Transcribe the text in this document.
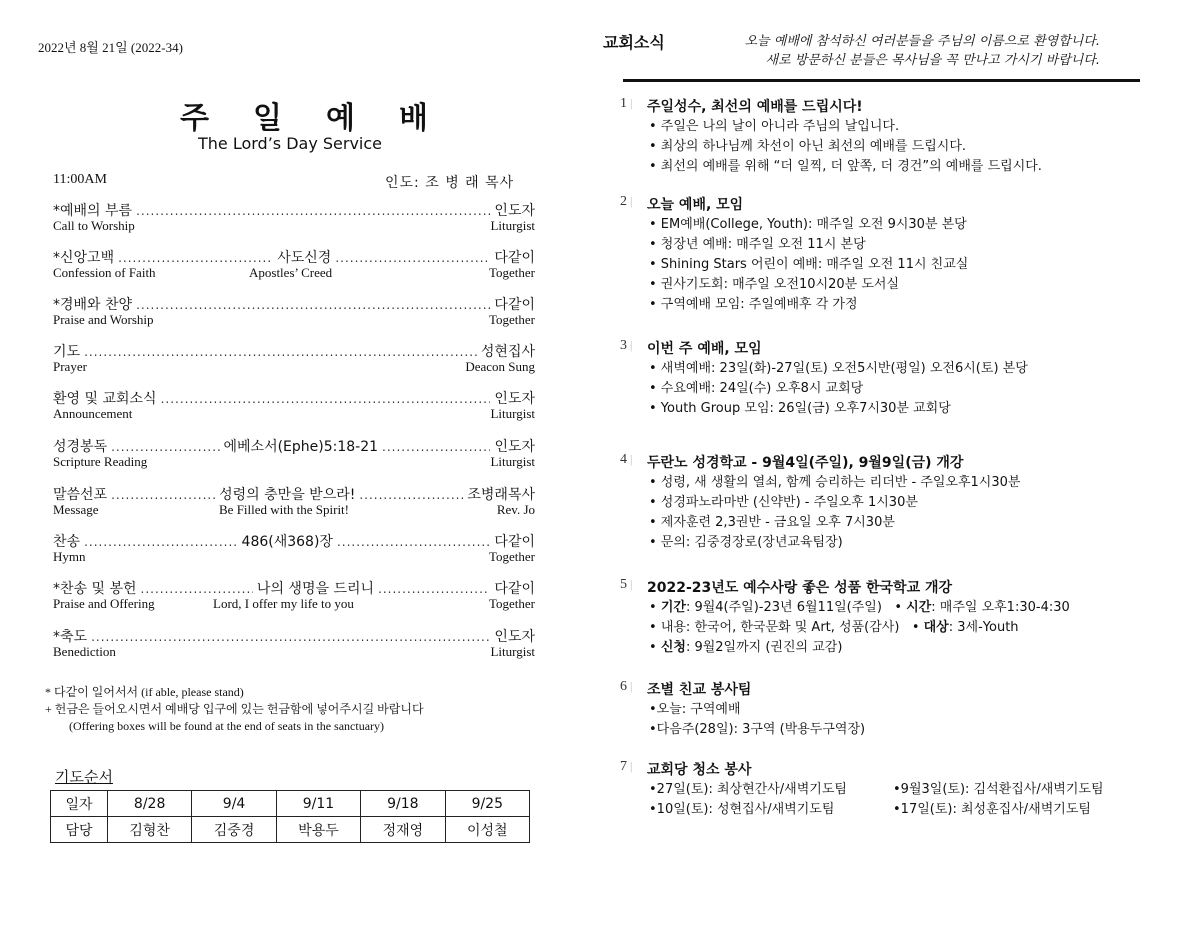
2022년 8월 21일 (2022-34)
주 일 예 배
The Lord’s Day Service
11:00AM	인도: 조 병 래 목사
*예배의 부름 .....	인도자
Call to Worship	Liturgist
*신앙고백 .....	사도신경 .....	다같이
Confession of Faith	Apostles’ Creed	Together
*경배와 찬양 .....	다같이
Praise and Worship	Together
기도 .....	성현집사
Prayer	Deacon Sung
환영 및 교회소식 .....	인도자
Announcement	Liturgist
성경봉독 .....	에베소서(Ephe)5:18-21 .....	인도자
Scripture Reading	Liturgist
말씀선포 .....	성령의 충만을 받으라! .....	조병래목사
Message	Be Filled with the Spirit!	Rev. Jo
찬송 .....	486(새368)장 .....	다같이
Hymn	Together
*찬송 및 봉헌 .....	나의 생명을 드리니 .....	다같이
Praise and Offering	Lord, I offer my life to you	Together
*축도 .....	인도자
Benediction	Liturgist
* 다같이 일어서서 (if able, please stand)
+ 헌금은 들어오시면서 예배당 입구에 있는 헌금함에 넣어주시길 바랍니다
(Offering boxes will be found at the end of seats in the sanctuary)
기도순서
일자	8/28	9/4	9/11	9/18	9/25
담당	김형찬	김중경	박용두	정재영	이성철
교회소식	오늘 예배에 참석하신 여러분들을 주님의 이름으로 환영합니다.
새로 방문하신 분들은 목사님을 꼭 만나고 가시기 바랍니다.
1 |	주일성수, 최선의 예배를 드립시다!
• 주일은 나의 날이 아니라 주님의 날입니다.
• 최상의 하나님께 차선이 아닌 최선의 예배를 드립시다.
• 최선의 예배를 위해 “더 일찍, 더 앞쪽, 더 경건”의 예배를 드립시다.
2 |	오늘 예배, 모임
• EM예배(College, Youth): 매주일 오전 9시30분 본당
• 청장년 예배: 매주일 오전 11시 본당
• Shining Stars 어린이 예배: 매주일 오전 11시 친교실
• 권사기도회: 매주일 오전10시20분 도서실
• 구역예배 모임: 주일예배후 각 가정
3 |	이번 주 예배, 모임
• 새벽예배: 23일(화)-27일(토) 오전5시반(평일) 오전6시(토) 본당
• 수요예배: 24일(수) 오후8시 교회당
• Youth Group 모임: 26일(금) 오후7시30분 교회당
4 |	두란노 성경학교 - 9월4일(주일), 9월9일(금) 개강
• 성령, 새 생활의 열쇠, 함께 승리하는 리더반 - 주일오후1시30분
• 성경파노라마반 (신약반) - 주일오후 1시30분
• 제자훈련 2,3권반 - 금요일 오후 7시30분
• 문의: 김중경장로(장년교육팀장)
5 |	2022-23년도 예수사랑 좋은 성품 한국학교 개강
• 기간: 9월4(주일)-23년 6월11일(주일)   • 시간: 매주일 오후1:30-4:30
• 내용: 한국어, 한국문화 및 Art, 성품(감사)   • 대상: 3세-Youth
• 신청: 9월2일까지 (권진의 교감)
6 |	조별 친교 봉사팀
•오늘: 구역예배
•다음주(28일): 3구역 (박용두구역장)
7 |	교회당 청소 봉사
•27일(토): 최상현간사/새벽기도팀	•9월3일(토): 김석환집사/새벽기도팀
•10일(토): 성현집사/새벽기도팀	•17일(토): 최성훈집사/새벽기도팀
